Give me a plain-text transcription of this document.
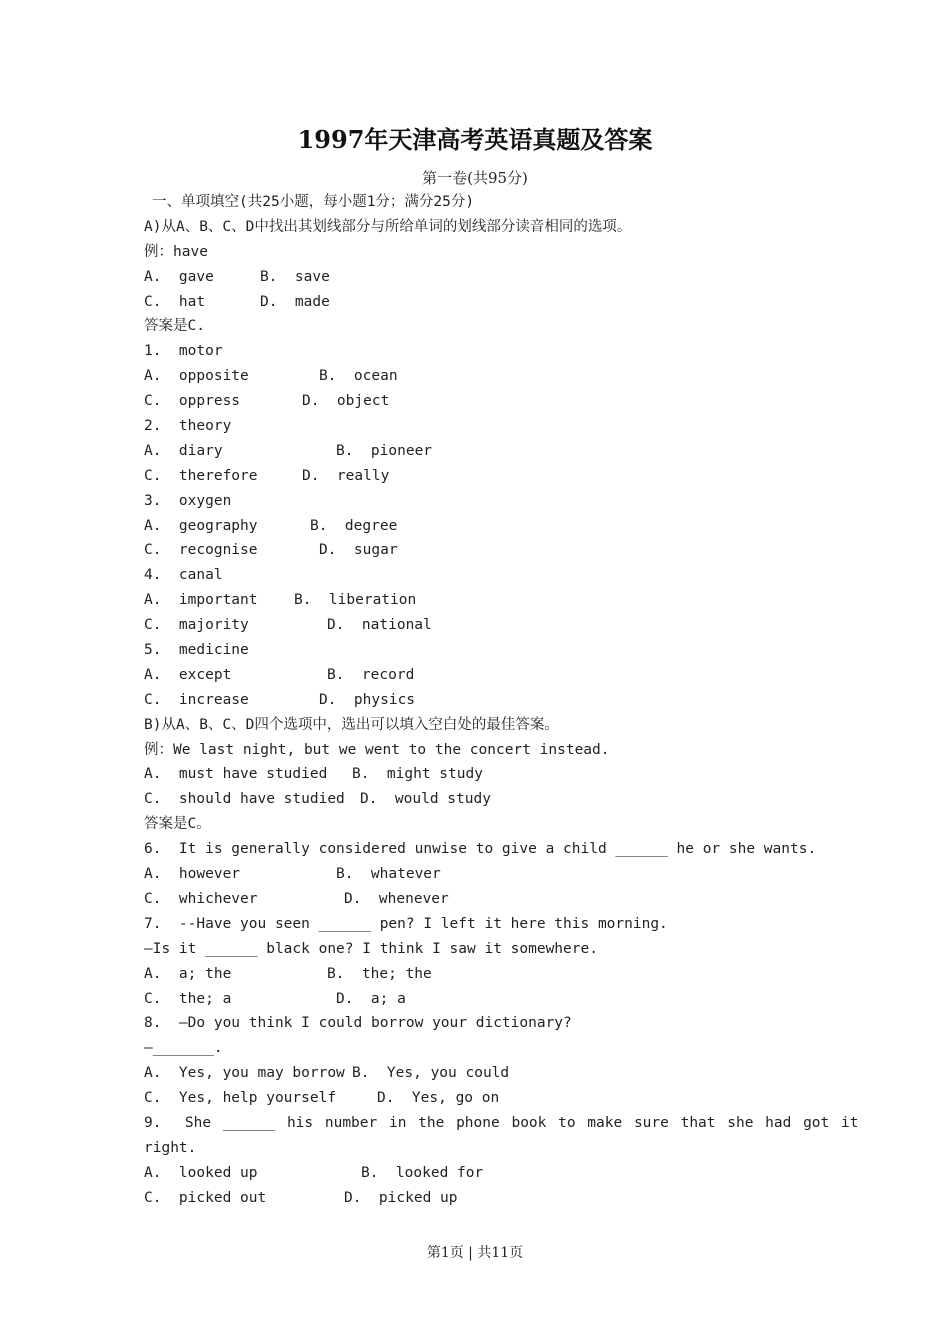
1997年天津高考英语真题及答案
第一卷(共95分)
一、单项填空(共25小题，每小题1分；满分25分)
A)从A、B、C、D中找出其划线部分与所给单词的划线部分读音相同的选项。
例：have
A.  gave	B.  save
C.  hat	D.  made
答案是C.
1.  motor
A.  opposite	B.  ocean
C.  oppress	D.  object
2.  theory
A.  diary	B.  pioneer
C.  therefore	D.  really
3.  oxygen
A.  geography	B.  degree
C.  recognise	D.  sugar
4.  canal
A.  important	B.  liberation
C.  majority	D.  national
5.  medicine
A.  except	B.  record
C.  increase	D.  physics
B)从A、B、C、D四个选项中，选出可以填入空白处的最佳答案。
例：We last night, but we went to the concert instead.
A.  must have studied B.  might study
C.  should have studied D.  would study
答案是C。
6.  It is generally considered unwise to give a child ______ he or she wants.
A.  however	B.  whatever
C.  whichever	D.  whenever
7.  --Have you seen ______ pen? I left it here this morning.
—Is it ______ black one? I think I saw it somewhere.
A.  a; the	B.  the; the
C.  the; a	D.  a; a
8.  —Do you think I could borrow your dictionary?
—_______.
A.  Yes, you may borrow B.  Yes, you could
C.  Yes, help yourself	D.  Yes, go on
9.  She ______ his number in the phone book to make sure that she had got it
right.
A.  looked up	B.  looked for
C.  picked out	D.  picked up
第1页 | 共11页
